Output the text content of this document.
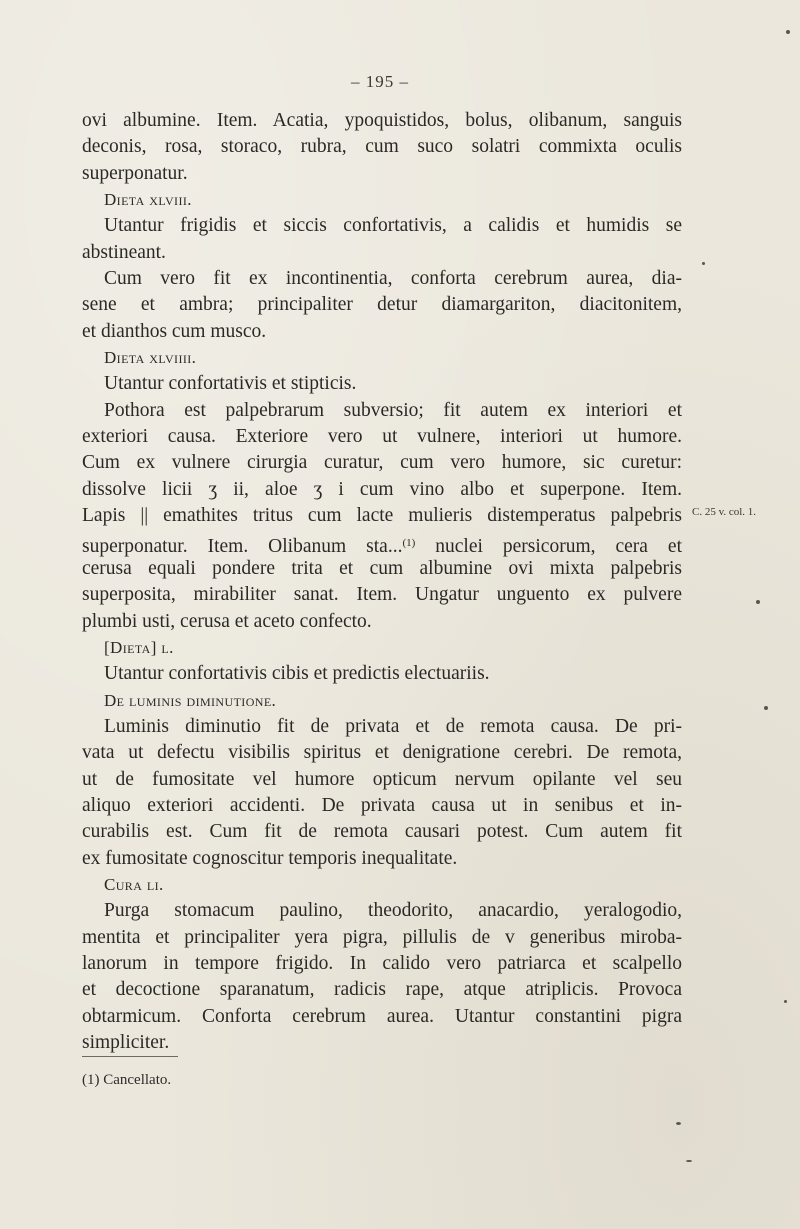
– 195 –
ovi albumine. Item. Acatia, ypoquistidos, bolus, olibanum, sanguis
deconis, rosa, storaco, rubra, cum suco solatri commixta oculis
superponatur.
Dieta xlviii.
Utantur frigidis et siccis confortativis, a calidis et humidis se
abstineant.
Cum vero fit ex incontinentia, conforta cerebrum aurea, dia-
sene et ambra; principaliter detur diamargariton, diacitonitem,
et dianthos cum musco.
Dieta xlviiii.
Utantur confortativis et stipticis.
Pothora est palpebrarum subversio; fit autem ex interiori et
exteriori causa. Exteriore vero ut vulnere, interiori ut humore.
Cum ex vulnere cirurgia curatur, cum vero humore, sic curetur:
dissolve licii ʒ ii, aloe ʒ i cum vino albo et superpone. Item.
Lapis || emathites tritus cum lacte mulieris distemperatus palpebris
superponatur. Item. Olibanum sta...$^{(1)}$ nuclei persicorum, cera et
cerusa equali pondere trita et cum albumine ovi mixta palpebris
superposita, mirabiliter sanat. Item. Ungatur unguento ex pulvere
plumbi usti, cerusa et aceto confecto.
[Dieta] l.
Utantur confortativis cibis et predictis electuariis.
De luminis diminutione.
Luminis diminutio fit de privata et de remota causa. De pri-
vata ut defectu visibilis spiritus et denigratione cerebri. De remota,
ut de fumositate vel humore opticum nervum opilante vel seu
aliquo exteriori accidenti. De privata causa ut in senibus et in-
curabilis est. Cum fit de remota causari potest. Cum autem fit
ex fumositate cognoscitur temporis inequalitate.
Cura li.
Purga stomacum paulino, theodorito, anacardio, yeralogodio,
mentita et principaliter yera pigra, pillulis de v generibus miroba-
lanorum in tempore frigido. In calido vero patriarca et scalpello
et decoctione sparanatum, radicis rape, atque atriplicis. Provoca
obtarmicum. Conforta cerebrum aurea. Utantur constantini pigra
simpliciter.
C. 25 v. col. 1.
(1) Cancellato.
